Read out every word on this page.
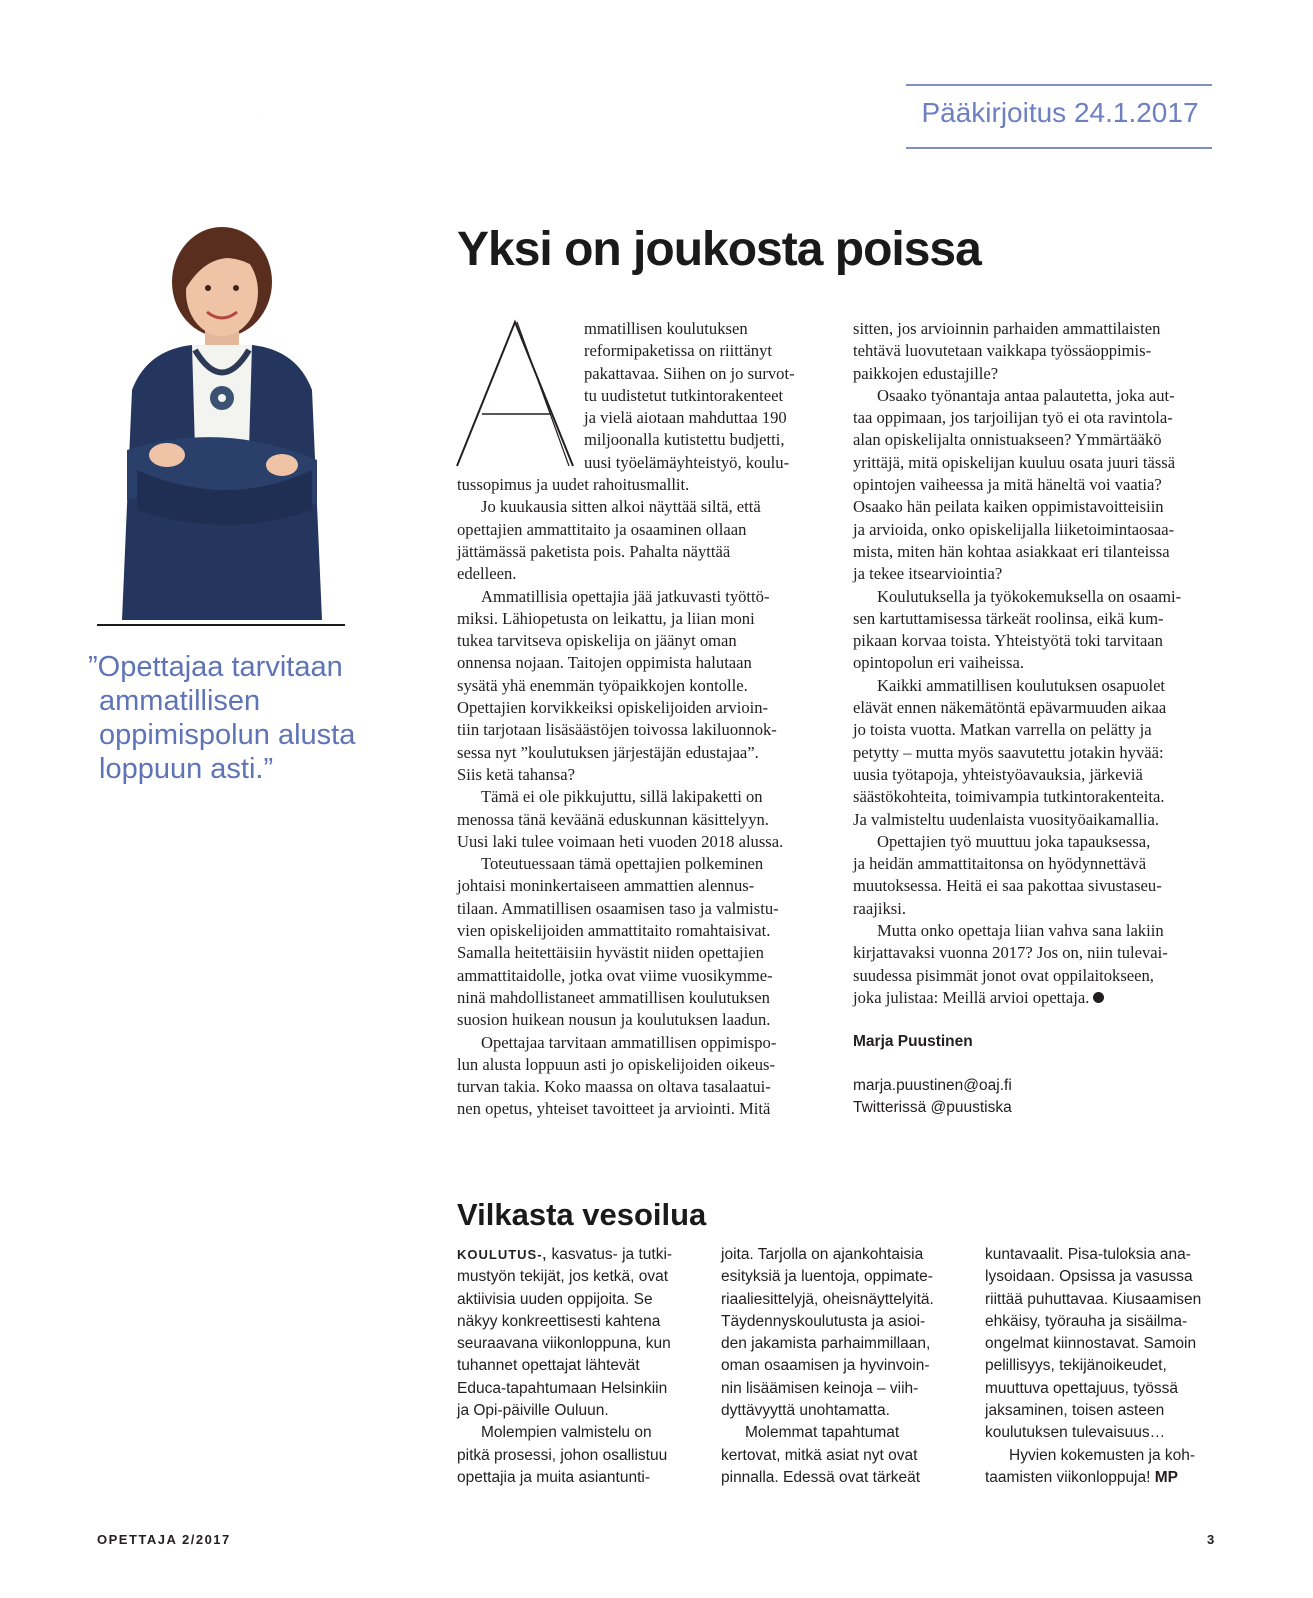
Pääkirjoitus 24.1.2017
”Opettajaa tarvitaan
ammatillisen
oppimispolun alusta
loppuun asti.”
Yksi on joukosta poissa
A
mmatillisen koulutuksen
reformipaketissa on riittänyt
pakattavaa. Siihen on jo survot-
tu uudistetut tutkintorakenteet
ja vielä aiotaan mahduttaa 190
miljoonalla kutistettu budjetti,
uusi työelämäyhteistyö, koulu-
tussopimus ja uudet rahoitusmallit.
Jo kuukausia sitten alkoi näyttää siltä, että
opettajien ammattitaito ja osaaminen ollaan
jättämässä paketista pois. Pahalta näyttää
edelleen.
Ammatillisia opettajia jää jatkuvasti työttö-
miksi. Lähiopetusta on leikattu, ja liian moni
tukea tarvitseva opiskelija on jäänyt oman
onnensa nojaan. Taitojen oppimista halutaan
sysätä yhä enemmän työpaikkojen kontolle.
Opettajien korvikkeiksi opiskelijoiden arvioin-
tiin tarjotaan lisäsäästöjen toivossa lakiluonnok-
sessa nyt ”koulutuksen järjestäjän edustajaa”.
Siis ketä tahansa?
Tämä ei ole pikkujuttu, sillä lakipaketti on
menossa tänä keväänä eduskunnan käsittelyyn.
Uusi laki tulee voimaan heti vuoden 2018 alussa.
Toteutuessaan tämä opettajien polkeminen
johtaisi moninkertaiseen ammattien alennus-
tilaan. Ammatillisen osaamisen taso ja valmistu-
vien opiskelijoiden ammattitaito romahtaisivat.
Samalla heitettäisiin hyvästit niiden opettajien
ammattitaidolle, jotka ovat viime vuosikymme-
ninä mahdollistaneet ammatillisen koulutuksen
suosion huikean nousun ja koulutuksen laadun.
Opettajaa tarvitaan ammatillisen oppimispo-
lun alusta loppuun asti jo opiskelijoiden oikeus-
turvan takia. Koko maassa on oltava tasalaatui-
nen opetus, yhteiset tavoitteet ja arviointi. Mitä
sitten, jos arvioinnin parhaiden ammattilaisten
tehtävä luovutetaan vaikkapa työssäoppimis-
paikkojen edustajille?
Osaako työnantaja antaa palautetta, joka aut-
taa oppimaan, jos tarjoilijan työ ei ota ravintola-
alan opiskelijalta onnistuakseen? Ymmärtääkö
yrittäjä, mitä opiskelijan kuuluu osata juuri tässä
opintojen vaiheessa ja mitä häneltä voi vaatia?
Osaako hän peilata kaiken oppimistavoitteisiin
ja arvioida, onko opiskelijalla liiketoimintaosaa-
mista, miten hän kohtaa asiakkaat eri tilanteissa
ja tekee itsearviointia?
Koulutuksella ja työkokemuksella on osaami-
sen kartuttamisessa tärkeät roolinsa, eikä kum-
pikaan korvaa toista. Yhteistyötä toki tarvitaan
opintopolun eri vaiheissa.
Kaikki ammatillisen koulutuksen osapuolet
elävät ennen näkemätöntä epävarmuuden aikaa
jo toista vuotta. Matkan varrella on pelätty ja
petytty – mutta myös saavutettu jotakin hyvää:
uusia työtapoja, yhteistyöavauksia, järkeviä
säästökohteita, toimivampia tutkintorakenteita.
Ja valmisteltu uudenlaista vuosityöaikamallia.
Opettajien työ muuttuu joka tapauksessa,
ja heidän ammattitaitonsa on hyödynnettävä
muutoksessa. Heitä ei saa pakottaa sivustaseu-
raajiksi.
Mutta onko opettaja liian vahva sana lakiin
kirjattavaksi vuonna 2017? Jos on, niin tulevai-
suudessa pisimmät jonot ovat oppilaitokseen,
joka julistaa: Meillä arvioi opettaja.
Marja Puustinen
marja.puustinen@oaj.fi
Twitterissä @puustiska
Vilkasta vesoilua
KOULUTUS-, kasvatus- ja tutki-
mustyön tekijät, jos ketkä, ovat
aktiivisia uuden oppijoita. Se
näkyy konkreettisesti kahtena
seuraavana viikonloppuna, kun
tuhannet opettajat lähtevät
Educa-tapahtumaan Helsinkiin
ja Opi-päiville Ouluun.
Molempien valmistelu on
pitkä prosessi, johon osallistuu
opettajia ja muita asiantunti-
joita. Tarjolla on ajankohtaisia
esityksiä ja luentoja, oppimate-
riaaliesittelyjä, oheisnäyttelyitä.
Täydennyskoulutusta ja asioi-
den jakamista parhaimmillaan,
oman osaamisen ja hyvinvoin-
nin lisäämisen keinoja – viih-
dyttävyyttä unohtamatta.
Molemmat tapahtumat
kertovat, mitkä asiat nyt ovat
pinnalla. Edessä ovat tärkeät
kuntavaalit. Pisa-tuloksia ana-
lysoidaan. Opsissa ja vasussa
riittää puhuttavaa. Kiusaamisen
ehkäisy, työrauha ja sisäilma-
ongelmat kiinnostavat. Samoin
pelillisyys, tekijänoikeudet,
muuttuva opettajuus, työssä
jaksaminen, toisen asteen
koulutuksen tulevaisuus…
Hyvien kokemusten ja koh-
taamisten viikonloppuja! MP
OPETTAJA 2/2017	3
